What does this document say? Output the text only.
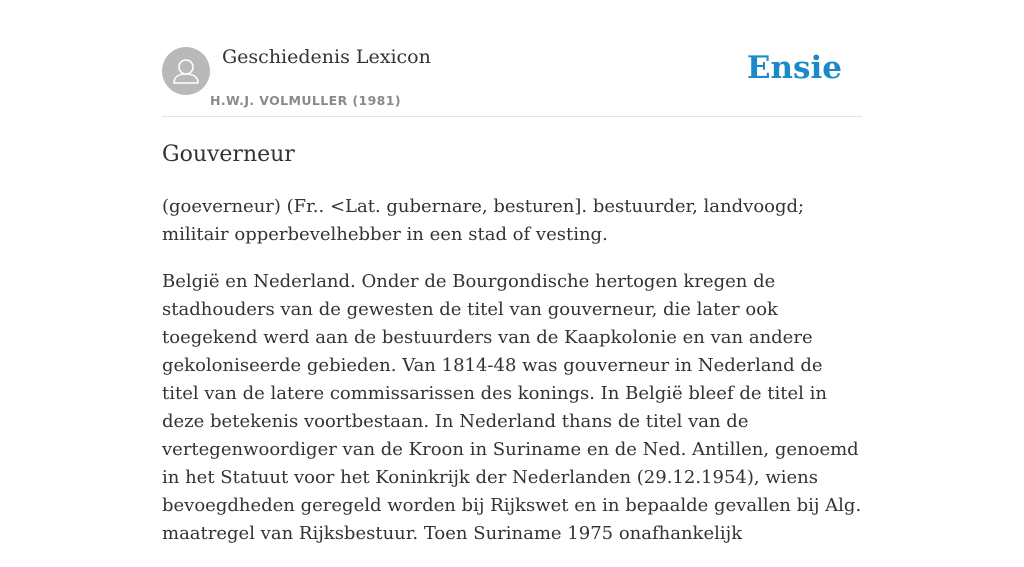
Geschiedenis Lexicon
H.W.J. VOLMULLER (1981)
Ensie
Gouverneur

(goeverneur) (Fr.. <Lat. gubernare, besturen]. bestuurder, landvoogd; militair opperbevelhebber in een stad of vesting.

België en Nederland. Onder de Bourgondische hertogen kregen de stadhouders van de gewesten de titel van gouverneur, die later ook toegekend werd aan de bestuurders van de Kaapkolonie en van andere gekoloniseerde gebieden. Van 1814-48 was gouverneur in Nederland de titel van de latere commissarissen des konings. In België bleef de titel in deze betekenis voortbestaan. In Nederland thans de titel van de vertegenwoordiger van de Kroon in Suriname en de Ned. Antillen, genoemd in het Statuut voor het Koninkrijk der Nederlanden (29.12.1954), wiens bevoegdheden geregeld worden bij Rijkswet en in bepaalde gevallen bij Alg. maatregel van Rijksbestuur. Toen Suriname 1975 onafhankelijk
